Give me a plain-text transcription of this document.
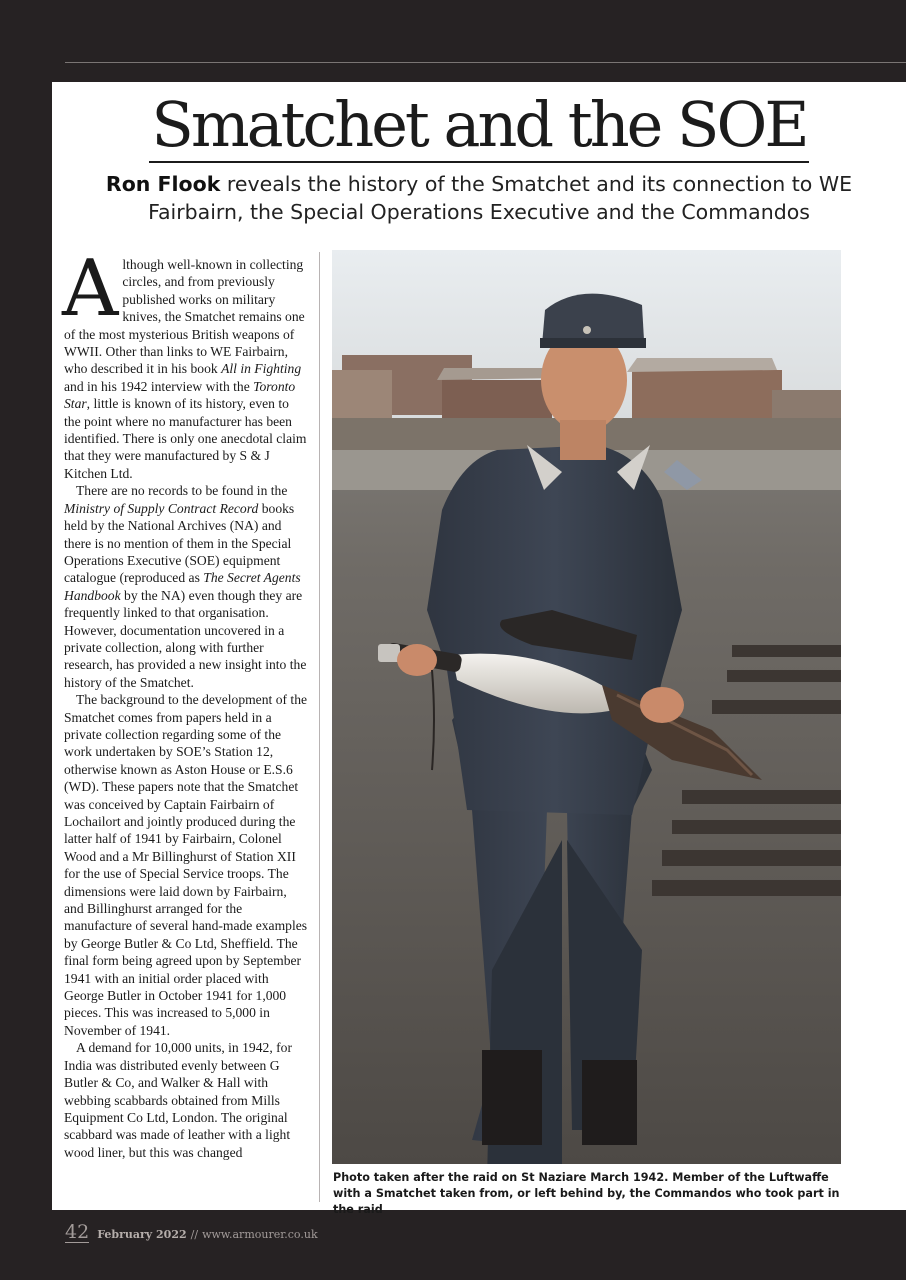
Smatchet and the SOE

Ron Flook reveals the history of the Smatchet and its connection to WE Fairbairn, the Special Operations Executive and the Commandos

Although well-known in collecting circles, and from previously published works on military knives, the Smatchet remains one of the most mysterious British weapons of WWII. Other than links to WE Fairbairn, who described it in his book All in Fighting and in his 1942 interview with the Toronto Star, little is known of its history, even to the point where no manufacturer has been identified. There is only one anecdotal claim that they were manufactured by S & J Kitchen Ltd.

There are no records to be found in the Ministry of Supply Contract Record books held by the National Archives (NA) and there is no mention of them in the Special Operations Executive (SOE) equipment catalogue (reproduced as The Secret Agents Handbook by the NA) even though they are frequently linked to that organisation. However, documentation uncovered in a private collection, along with further research, has provided a new insight into the history of the Smatchet.

The background to the development of the Smatchet comes from papers held in a private collection regarding some of the work undertaken by SOE’s Station 12, otherwise known as Aston House or E.S.6 (WD). These papers note that the Smatchet was conceived by Captain Fairbairn of Lochailort and jointly produced during the latter half of 1941 by Fairbairn, Colonel Wood and a Mr Billinghurst of Station XII for the use of Special Service troops. The dimensions were laid down by Fairbairn, and Billinghurst arranged for the manufacture of several hand-made examples by George Butler & Co Ltd, Sheffield. The final form being agreed upon by September 1941 with an initial order placed with George Butler in October 1941 for 1,000 pieces. This was increased to 5,000 in November of 1941.

A demand for 10,000 units, in 1942, for India was distributed evenly between G Butler & Co, and Walker & Hall with webbing scabbards obtained from Mills Equipment Co Ltd, London. The original scabbard was made of leather with a light wood liner, but this was changed

Photo taken after the raid on St Naziare March 1942. Member of the Luftwaffe with a Smatchet taken from, or left behind by, the Commandos who took part in the raid

42 February 2022 // www.armourer.co.uk
